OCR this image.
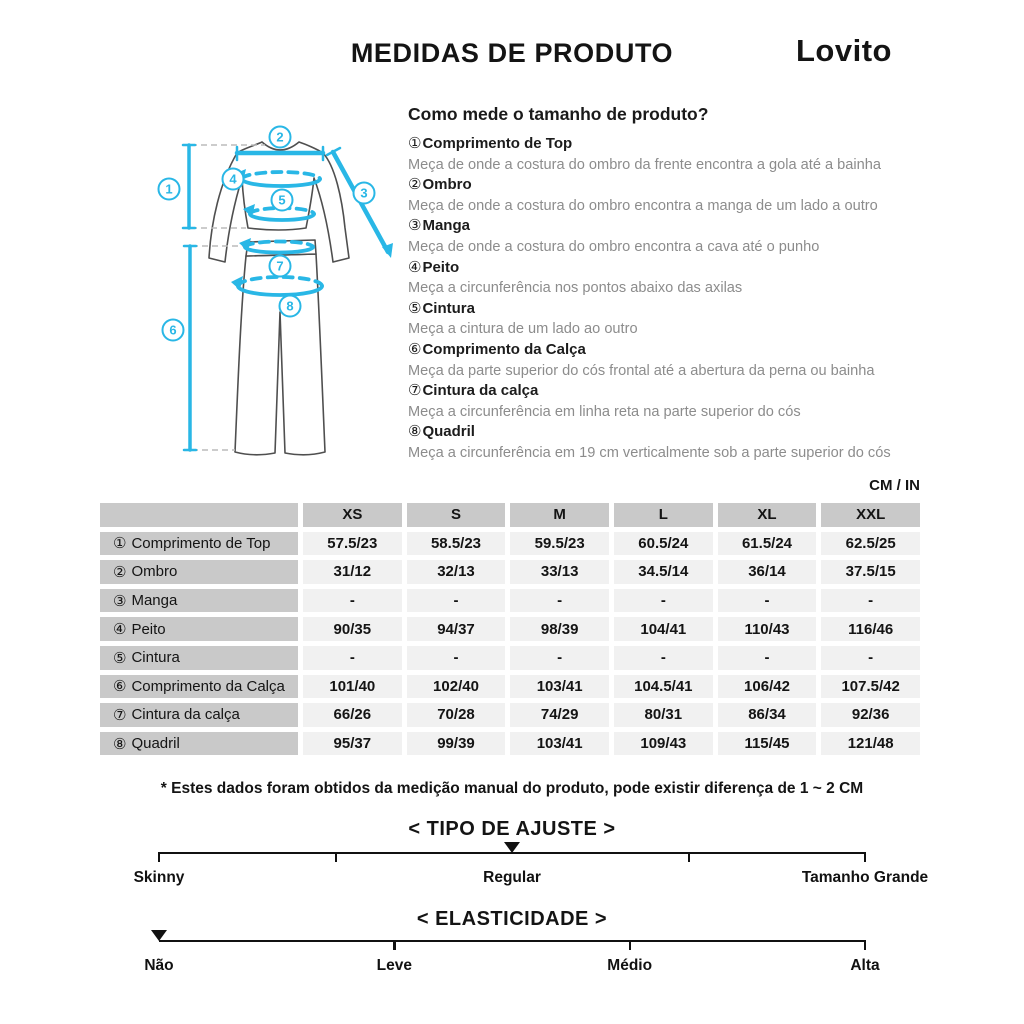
MEDIDAS DE PRODUTO	Lovito
1
2
3
4
5
6
7
8
Como mede o tamanho de produto?
①Comprimento de Top
Meça de onde a costura do ombro da frente encontra a gola até a bainha
②Ombro
Meça de onde a costura do ombro encontra a manga de um lado a outro
③Manga
Meça de onde a costura do ombro encontra a cava até o punho
④Peito
Meça a circunferência nos pontos abaixo das axilas
⑤Cintura
Meça a cintura de um lado ao outro
⑥Comprimento da Calça
Meça da parte superior do cós frontal até a abertura da perna ou bainha
⑦Cintura da calça
Meça a circunferência em linha reta na parte superior do cós
⑧Quadril
Meça a circunferência em 19 cm verticalmente sob a parte superior do cós
CM / IN
XS	S	M	L	XL	XXL
① Comprimento de Top	57.5/23	58.5/23	59.5/23	60.5/24	61.5/24	62.5/25
② Ombro	31/12	32/13	33/13	34.5/14	36/14	37.5/15
③ Manga	-	-	-	-	-	-
④ Peito	90/35	94/37	98/39	104/41	110/43	116/46
⑤ Cintura	-	-	-	-	-	-
⑥ Comprimento da Calça	101/40	102/40	103/41	104.5/41	106/42	107.5/42
⑦ Cintura da calça	66/26	70/28	74/29	80/31	86/34	92/36
⑧ Quadril	95/37	99/39	103/41	109/43	115/45	121/48
* Estes dados foram obtidos da medição manual do produto, pode existir diferença de 1 ~ 2 CM
< TIPO DE AJUSTE >
Skinny	Regular	Tamanho Grande
< ELASTICIDADE >
Não	Leve	Médio	Alta
